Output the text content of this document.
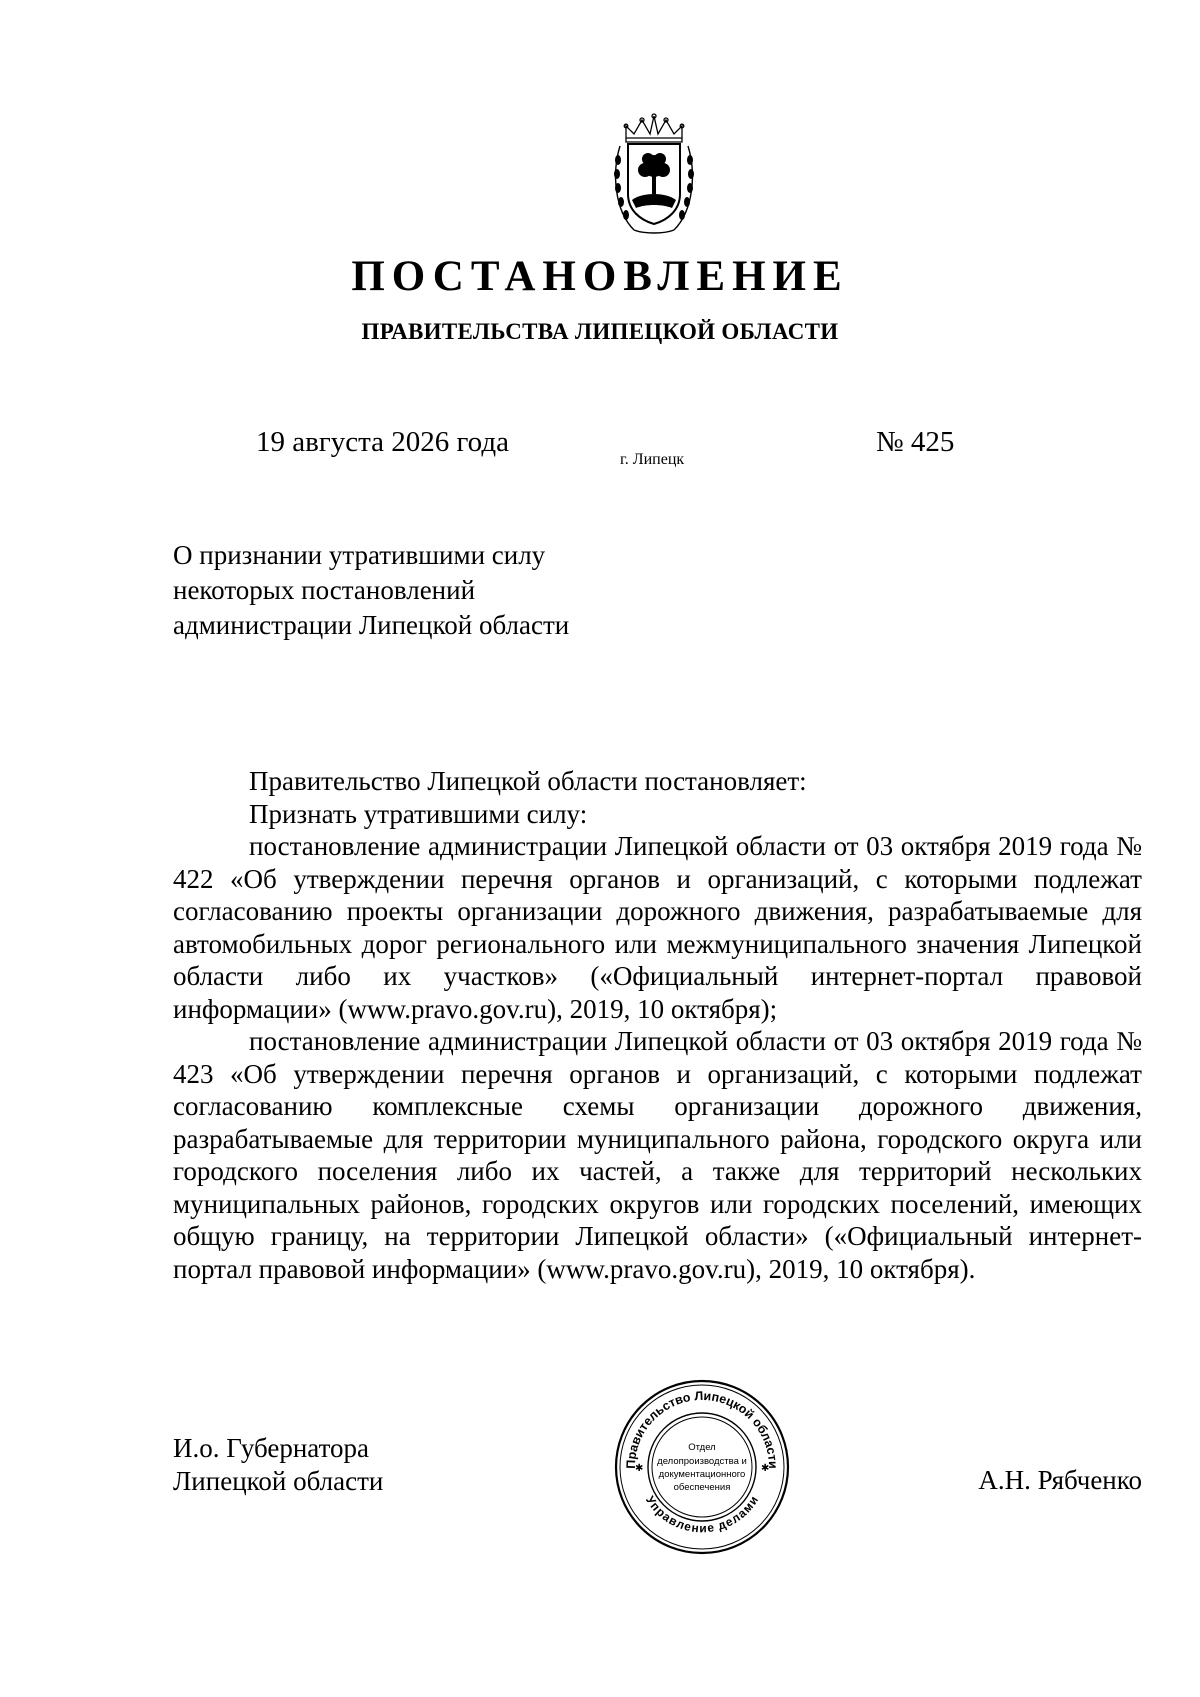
ПОСТАНОВЛЕНИЕ
ПРАВИТЕЛЬСТВА ЛИПЕЦКОЙ ОБЛАСТИ
19 августа 2026 года
г. Липецк
№ 425
О признании утратившими силу
некоторых постановлений
администрации Липецкой области

Правительство Липецкой области постановляет:

Признать утратившими силу:

постановление администрации Липецкой области от 03 октября 2019 года № 422 «Об утверждении перечня органов и организаций, с которыми подлежат согласованию проекты организации дорожного движения, разрабатываемые для автомобильных дорог регионального или межмуниципального значения Липецкой области либо их участков» («Официальный интернет-портал правовой информации» (www.pravo.gov.ru), 2019, 10 октября);

постановление администрации Липецкой области от 03 октября 2019 года № 423 «Об утверждении перечня органов и организаций, с которыми подлежат согласованию комплексные схемы организации дорожного движения, разрабатываемые для территории муниципального района, городского округа или городского поселения либо их частей, а также для территорий нескольких муниципальных районов, городских округов или городских поселений, имеющих общую границу, на территории Липецкой области» («Официальный интернет-портал правовой информации» (www.pravo.gov.ru), 2019, 10 октября).

И.о. Губернатора
Липецкой области	А.Н. Рябченко
Правительство Липецкой области
Управление делами
✱	✱
Отдел
делопроизводства и
документационного
обеспечения
